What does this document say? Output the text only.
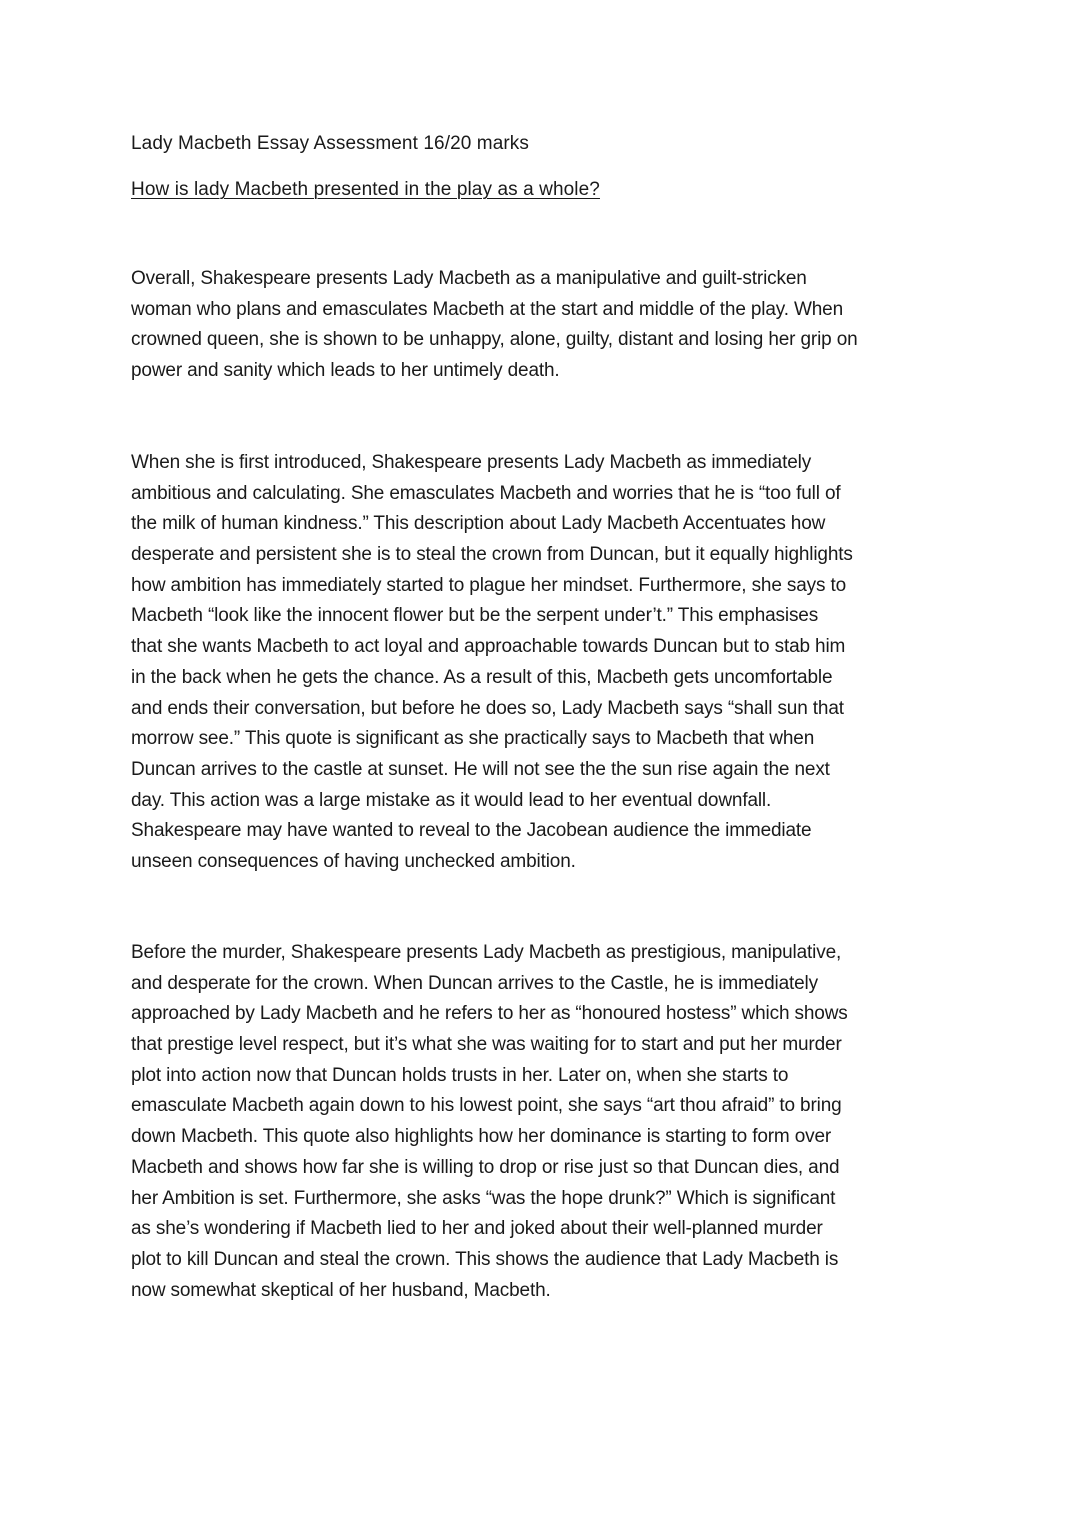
Lady Macbeth Essay Assessment 16/20 marks
How is lady Macbeth presented in the play as a whole?
Overall, Shakespeare presents Lady Macbeth as a manipulative and guilt-stricken
woman who plans and emasculates Macbeth at the start and middle of the play. When
crowned queen, she is shown to be unhappy, alone, guilty, distant and losing her grip on
power and sanity which leads to her untimely death.
When she is first introduced, Shakespeare presents Lady Macbeth as immediately
ambitious and calculating. She emasculates Macbeth and worries that he is “too full of
the milk of human kindness.” This description about Lady Macbeth Accentuates how
desperate and persistent she is to steal the crown from Duncan, but it equally highlights
how ambition has immediately started to plague her mindset. Furthermore, she says to
Macbeth “look like the innocent flower but be the serpent under’t.” This emphasises
that she wants Macbeth to act loyal and approachable towards Duncan but to stab him
in the back when he gets the chance. As a result of this, Macbeth gets uncomfortable
and ends their conversation, but before he does so, Lady Macbeth says “shall sun that
morrow see.” This quote is significant as she practically says to Macbeth that when
Duncan arrives to the castle at sunset. He will not see the the sun rise again the next
day. This action was a large mistake as it would lead to her eventual downfall.
Shakespeare may have wanted to reveal to the Jacobean audience the immediate
unseen consequences of having unchecked ambition.
Before the murder, Shakespeare presents Lady Macbeth as prestigious, manipulative,
and desperate for the crown. When Duncan arrives to the Castle, he is immediately
approached by Lady Macbeth and he refers to her as “honoured hostess” which shows
that prestige level respect, but it’s what she was waiting for to start and put her murder
plot into action now that Duncan holds trusts in her. Later on, when she starts to
emasculate Macbeth again down to his lowest point, she says “art thou afraid” to bring
down Macbeth. This quote also highlights how her dominance is starting to form over
Macbeth and shows how far she is willing to drop or rise just so that Duncan dies, and
her Ambition is set. Furthermore, she asks “was the hope drunk?” Which is significant
as she’s wondering if Macbeth lied to her and joked about their well-planned murder
plot to kill Duncan and steal the crown. This shows the audience that Lady Macbeth is
now somewhat skeptical of her husband, Macbeth.
